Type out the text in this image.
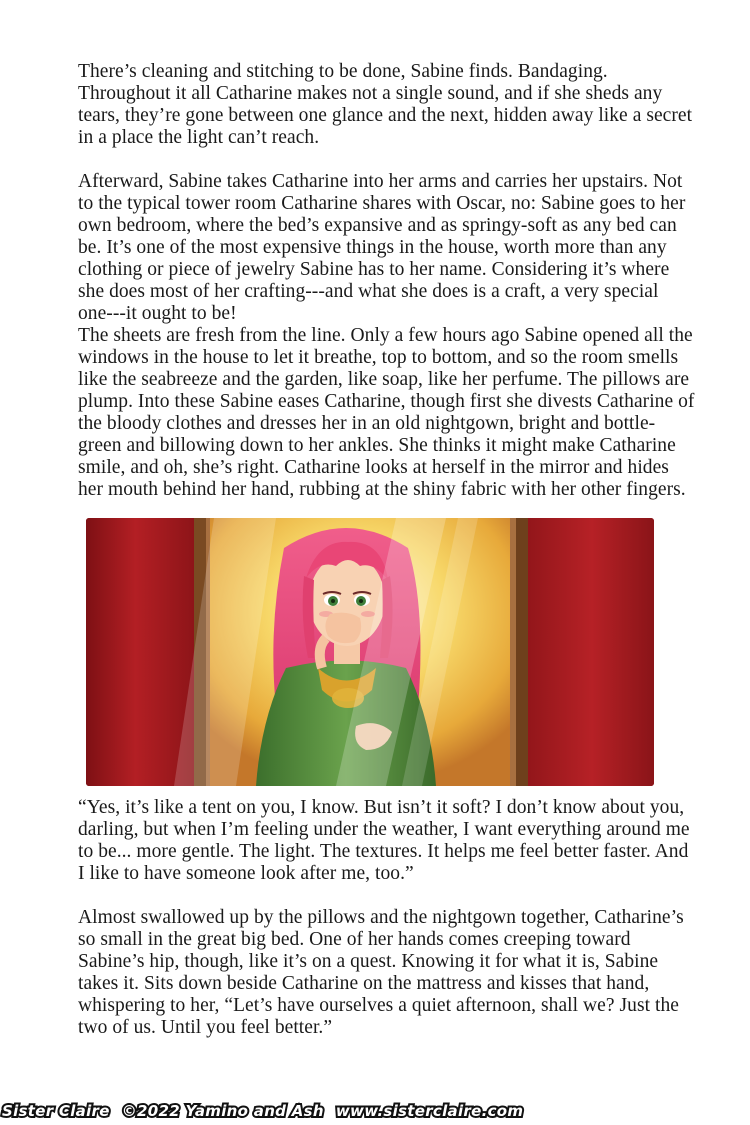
There’s cleaning and stitching to be done, Sabine finds. Bandaging. Throughout it all Catharine makes not a single sound, and if she sheds any tears, they’re gone between one glance and the next, hidden away like a secret in a place the light can’t reach.

Afterward, Sabine takes Catharine into her arms and carries her upstairs. Not to the typical tower room Catharine shares with Oscar, no: Sabine goes to her own bedroom, where the bed’s expansive and as springy-soft as any bed can be. It’s one of the most expensive things in the house, worth more than any clothing or piece of jewelry Sabine has to her name. Considering it’s where she does most of her crafting---and what she does is a craft, a very special one---it ought to be!

The sheets are fresh from the line. Only a few hours ago Sabine opened all the windows in the house to let it breathe, top to bottom, and so the room smells like the seabreeze and the garden, like soap, like her perfume. The pillows are plump. Into these Sabine eases Catharine, though first she divests Catharine of the bloody clothes and dresses her in an old nightgown, bright and bottle-green and billowing down to her ankles. She thinks it might make Catharine smile, and oh, she’s right. Catharine looks at herself in the mirror and hides her mouth behind her hand, rubbing at the shiny fabric with her other fingers.

“Yes, it’s like a tent on you, I know. But isn’t it soft? I don’t know about you, darling, but when I’m feeling under the weather, I want everything around me to be... more gentle. The light. The textures. It helps me feel better faster. And I like to have someone look after me, too.”

Almost swallowed up by the pillows and the nightgown together, Catharine’s so small in the great big bed. One of her hands comes creeping toward Sabine’s hip, though, like it’s on a quest. Knowing it for what it is, Sabine takes it. Sits down beside Catharine on the mattress and kisses that hand, whispering to her, “Let’s have ourselves a quiet afternoon, shall we? Just the two of us. Until you feel better.”

Sister Claire ©2022 Yamino and Ash www.sisterclaire.com
